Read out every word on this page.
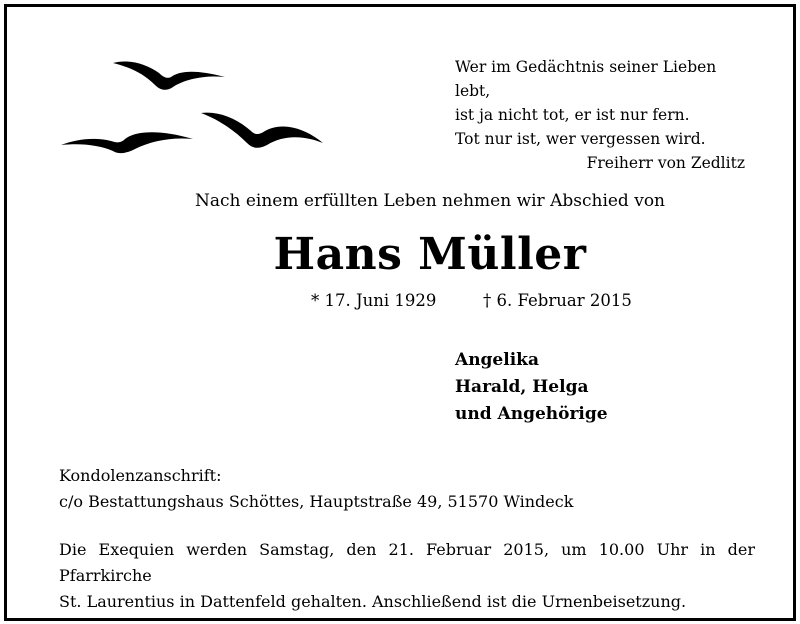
Wer im Gedächtnis seiner Lieben lebt,
ist ja nicht tot, er ist nur fern.
Tot nur ist, wer vergessen wird.
Freiherr von Zedlitz
Nach einem erfüllten Leben nehmen wir Abschied von
Hans Müller
* 17. Juni 1929	† 6. Februar 2015
Angelika
Harald, Helga
und Angehörige
Kondolenzanschrift:
c/o Bestattungshaus Schöttes, Hauptstraße 49, 51570 Windeck
Die Exequien werden Samstag, den 21. Februar 2015, um 10.00 Uhr in der Pfarrkirche
St. Laurentius in Dattenfeld gehalten. Anschließend ist die Urnenbeisetzung.
